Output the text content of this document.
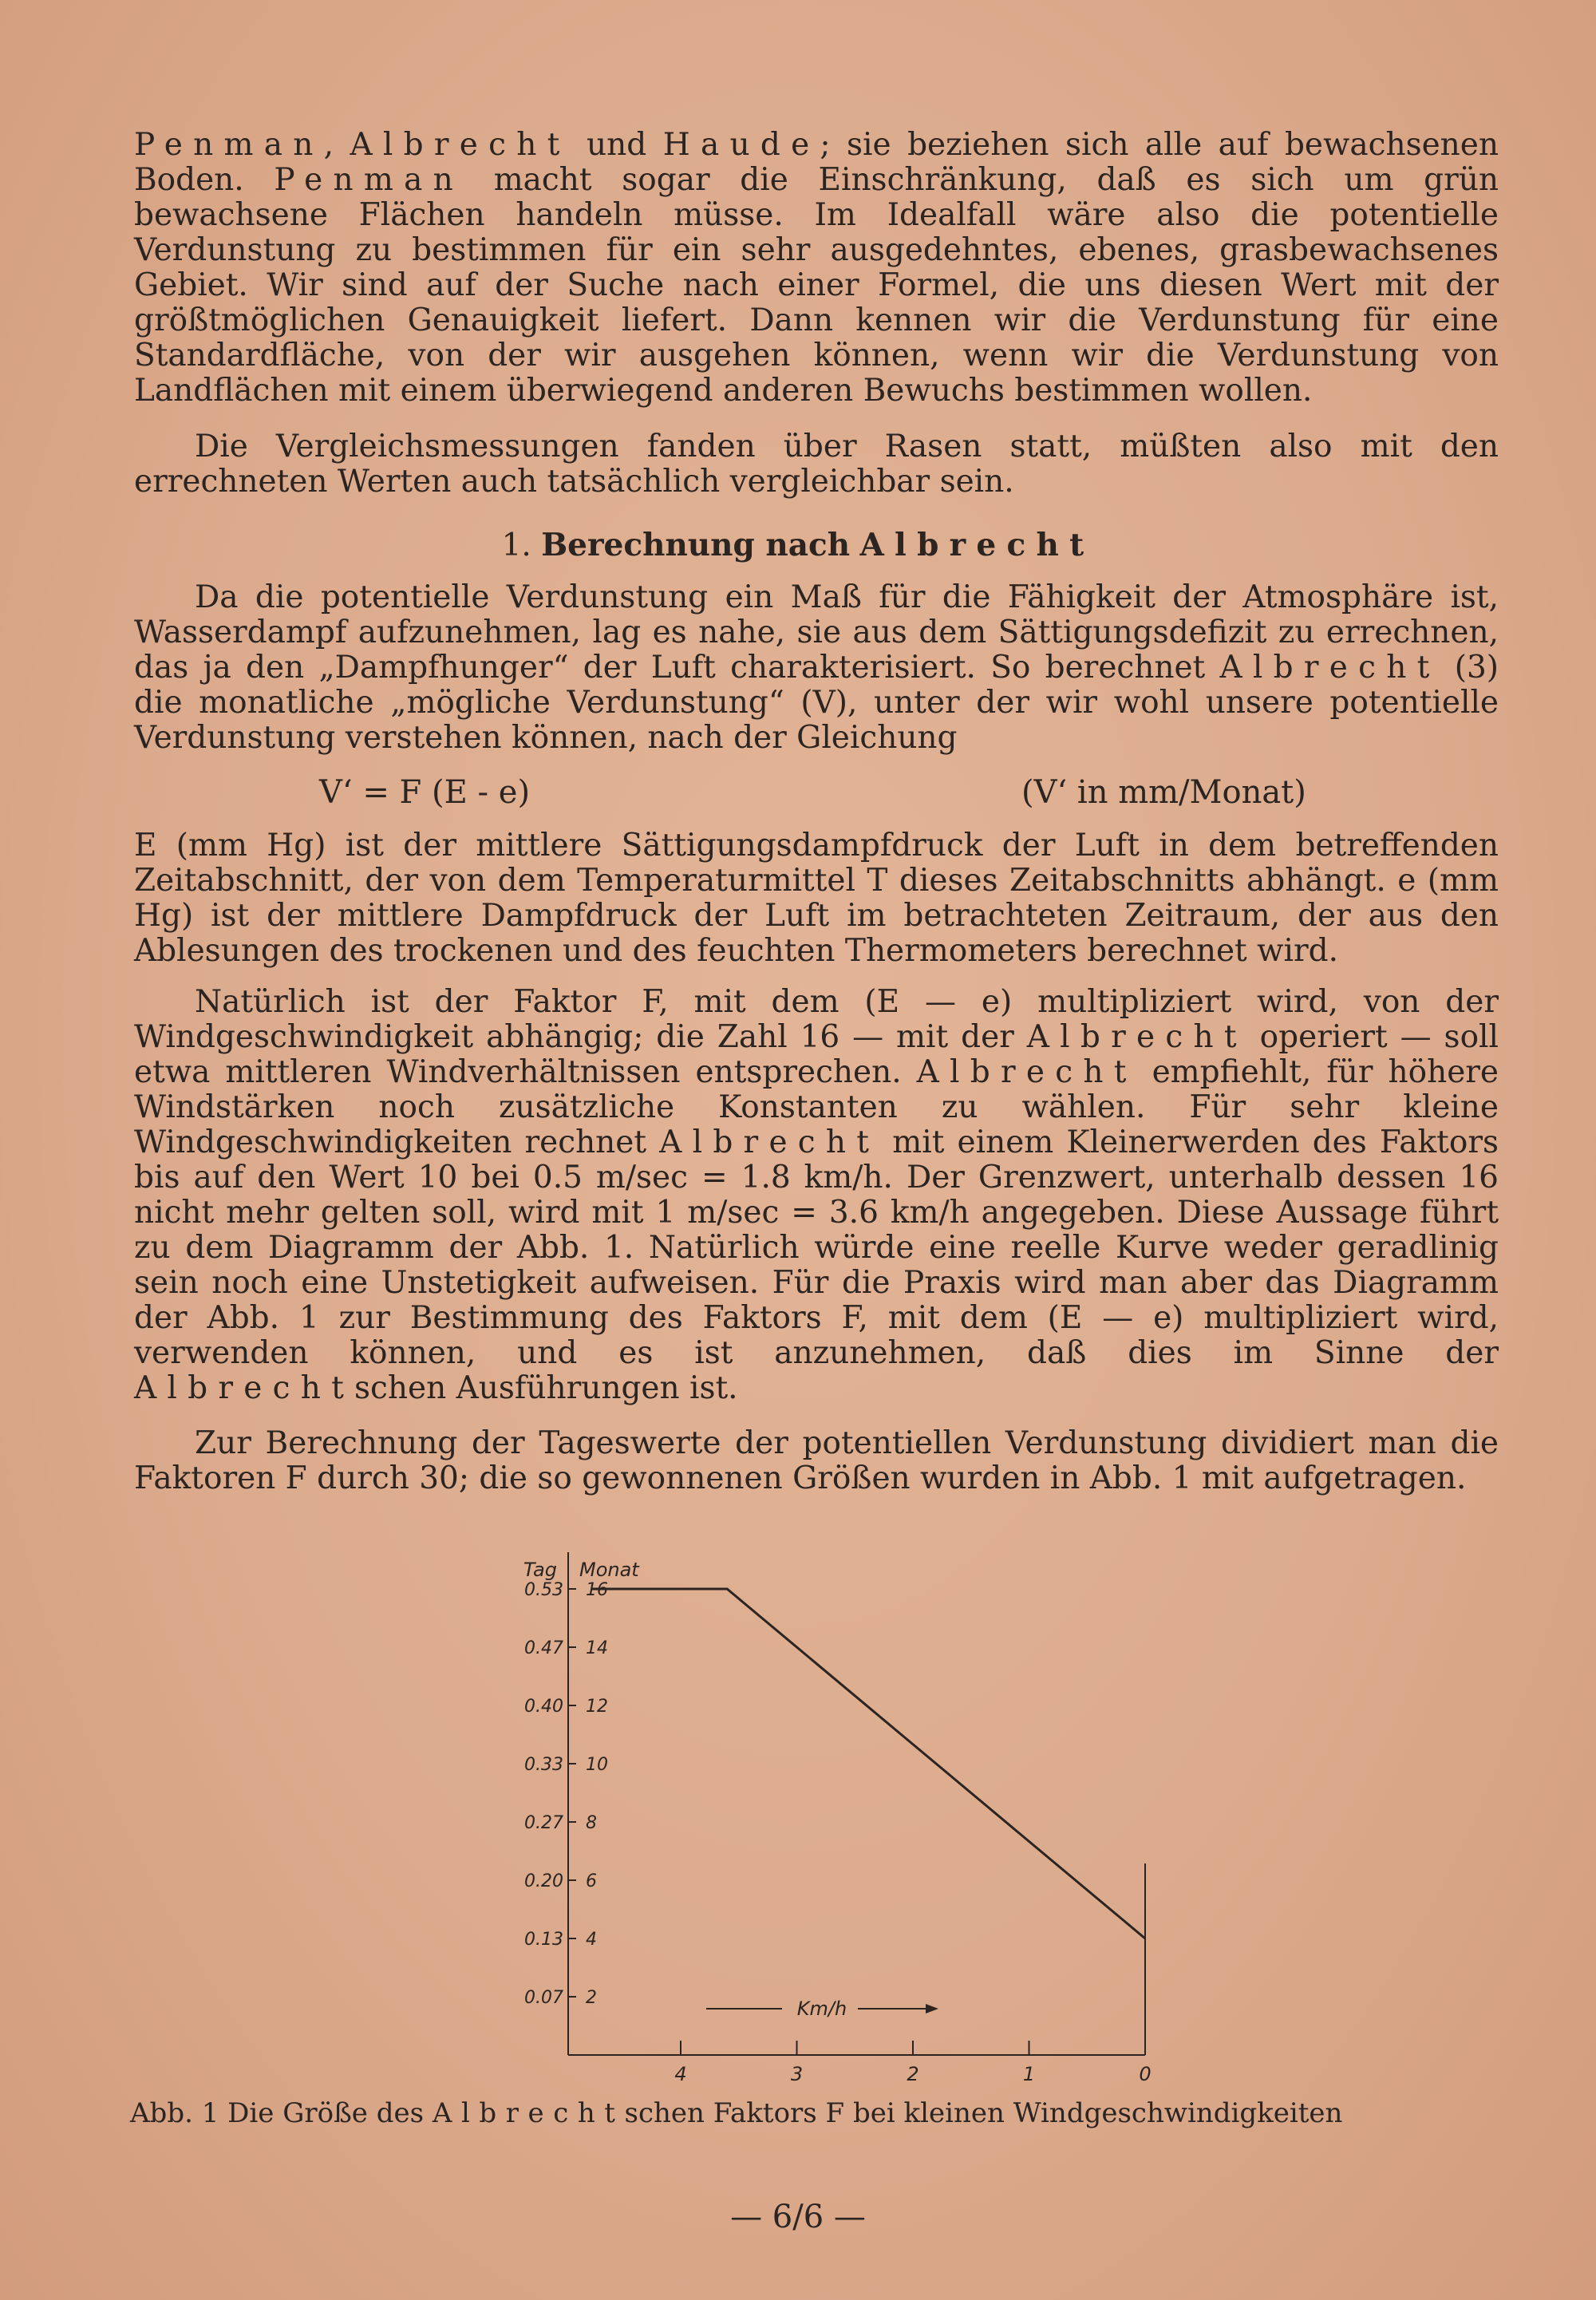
Penman, Albrecht und Haude; sie beziehen sich alle auf bewachsenen Boden. Penman macht sogar die Einschränkung, daß es sich um grün bewachsene Flächen handeln müsse. Im Idealfall wäre also die potentielle Verdunstung zu bestimmen für ein sehr ausgedehntes, ebenes, grasbewachsenes Gebiet. Wir sind auf der Suche nach einer Formel, die uns diesen Wert mit der größtmöglichen Genauigkeit liefert. Dann kennen wir die Verdunstung für eine Standardfläche, von der wir ausgehen können, wenn wir die Verdunstung von Landflächen mit einem überwiegend anderen Bewuchs bestimmen wollen.

Die Vergleichsmessungen fanden über Rasen statt, müßten also mit den errechneten Werten auch tatsächlich vergleichbar sein.

1. Berechnung nach Albrecht

Da die potentielle Verdunstung ein Maß für die Fähigkeit der Atmosphäre ist, Wasserdampf aufzunehmen, lag es nahe, sie aus dem Sättigungsdefizit zu errechnen, das ja den „Dampfhunger“ der Luft charakterisiert. So berechnet Albrecht (3) die monatliche „mögliche Verdunstung“ (V), unter der wir wohl unsere potentielle Verdunstung verstehen können, nach der Gleichung

V‘ = F (E - e)	(V‘ in mm/Monat)

E (mm Hg) ist der mittlere Sättigungsdampfdruck der Luft in dem betreffenden Zeitabschnitt, der von dem Temperaturmittel T dieses Zeitabschnitts abhängt. e (mm Hg) ist der mittlere Dampfdruck der Luft im betrachteten Zeitraum, der aus den Ablesungen des trockenen und des feuchten Thermometers berechnet wird.

Natürlich ist der Faktor F, mit dem (E — e) multipliziert wird, von der Windgeschwindigkeit abhängig; die Zahl 16 — mit der Albrecht operiert — soll etwa mittleren Windverhältnissen entsprechen. Albrecht empfiehlt, für höhere Windstärken noch zusätzliche Konstanten zu wählen. Für sehr kleine Windgeschwindigkeiten rechnet Albrecht mit einem Kleinerwerden des Faktors bis auf den Wert 10 bei 0.5 m/sec = 1.8 km/h. Der Grenzwert, unterhalb dessen 16 nicht mehr gelten soll, wird mit 1 m/sec = 3.6 km/h angegeben. Diese Aussage führt zu dem Diagramm der Abb. 1. Natürlich würde eine reelle Kurve weder geradlinig sein noch eine Unstetigkeit aufweisen. Für die Praxis wird man aber das Diagramm der Abb. 1 zur Bestimmung des Faktors F, mit dem (E — e) multipliziert wird, verwenden können, und es ist anzunehmen, daß dies im Sinne der Albrechtschen Ausführungen ist.

Zur Berechnung der Tageswerte der potentiellen Verdunstung dividiert man die Faktoren F durch 30; die so gewonnenen Größen wurden in Abb. 1 mit aufgetragen.

Tag Monat
16
0.53
14
0.47
12
0.40
10
0.33
8
0.27
6
0.20
4
0.13
2
0.07
4	3	2	1	0
Km/h
Abb. 1 Die Größe des Albrechtschen Faktors F bei kleinen Windgeschwindigkeiten
— 6/6 —
